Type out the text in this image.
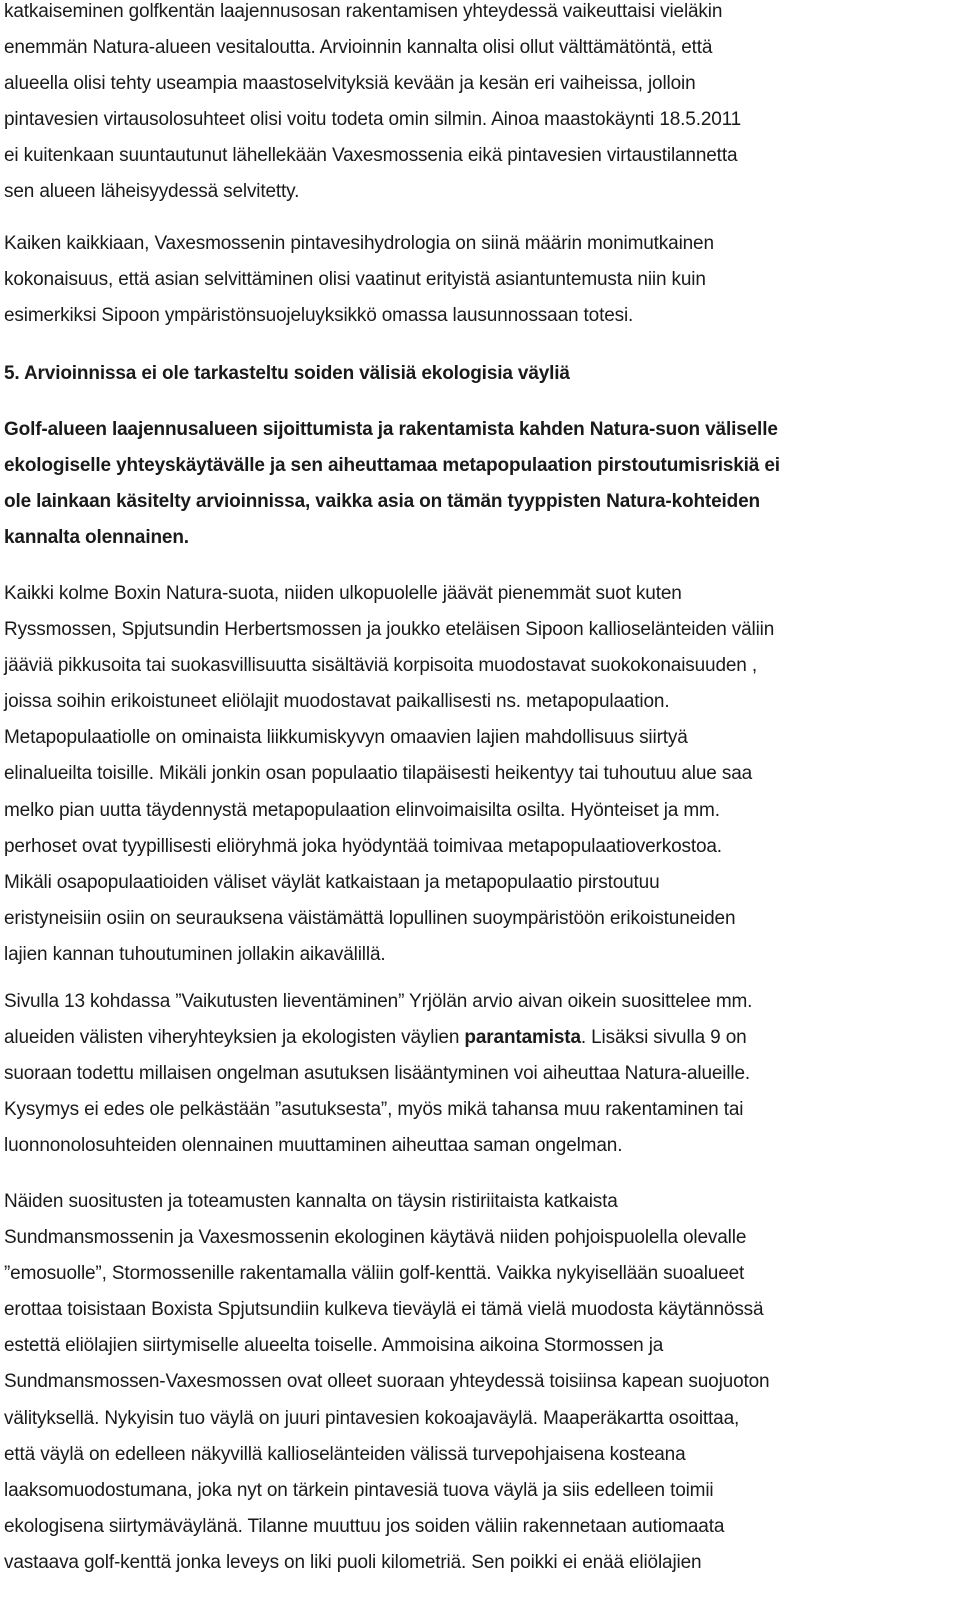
katkaiseminen golfkentän laajennusosan rakentamisen yhteydessä vaikeuttaisi vieläkin
enemmän Natura-alueen vesitaloutta. Arvioinnin kannalta olisi ollut välttämätöntä, että
alueella olisi tehty useampia maastoselvityksiä kevään ja kesän eri vaiheissa, jolloin
pintavesien virtausolosuhteet olisi voitu todeta omin silmin. Ainoa maastokäynti 18.5.2011
ei kuitenkaan suuntautunut lähellekään Vaxesmossenia eikä pintavesien virtaustilannetta
sen alueen läheisyydessä selvitetty.
Kaiken kaikkiaan, Vaxesmossenin pintavesihydrologia on siinä määrin monimutkainen
kokonaisuus, että asian selvittäminen olisi vaatinut erityistä asiantuntemusta niin kuin
esimerkiksi Sipoon ympäristönsuojeluyksikkö omassa lausunnossaan totesi.
5. Arvioinnissa ei ole tarkasteltu soiden välisiä ekologisia väyliä
Golf-alueen laajennusalueen sijoittumista ja rakentamista kahden Natura-suon väliselle
ekologiselle yhteyskäytävälle ja sen aiheuttamaa metapopulaation pirstoutumisriskiä ei
ole lainkaan käsitelty arvioinnissa, vaikka asia on tämän tyyppisten Natura-kohteiden
kannalta olennainen.
Kaikki kolme Boxin Natura-suota, niiden ulkopuolelle jäävät pienemmät suot kuten
Ryssmossen, Spjutsundin Herbertsmossen ja joukko eteläisen Sipoon kallioselänteiden väliin
jääviä pikkusoita tai suokasvillisuutta sisältäviä korpisoita muodostavat suokokonaisuuden ,
joissa soihin erikoistuneet eliölajit muodostavat paikallisesti ns. metapopulaation.
Metapopulaatiolle on ominaista liikkumiskyvyn omaavien lajien mahdollisuus siirtyä
elinalueilta toisille. Mikäli jonkin osan populaatio tilapäisesti heikentyy tai tuhoutuu alue saa
melko pian uutta täydennystä metapopulaation elinvoimaisilta osilta. Hyönteiset ja mm.
perhoset ovat tyypillisesti eliöryhmä joka hyödyntää toimivaa metapopulaatioverkostoa.
Mikäli osapopulaatioiden väliset väylät katkaistaan ja metapopulaatio pirstoutuu
eristyneisiin osiin on seurauksena väistämättä lopullinen suoympäristöön erikoistuneiden
lajien kannan tuhoutuminen jollakin aikavälillä.
Sivulla 13 kohdassa ”Vaikutusten lieventäminen” Yrjölän arvio aivan oikein suosittelee mm.
alueiden välisten viheryhteyksien ja ekologisten väylien parantamista. Lisäksi sivulla 9 on
suoraan todettu millaisen ongelman asutuksen lisääntyminen voi aiheuttaa Natura-alueille.
Kysymys ei edes ole pelkästään ”asutuksesta”, myös mikä tahansa muu rakentaminen tai
luonnonolosuhteiden olennainen muuttaminen aiheuttaa saman ongelman.
Näiden suositusten ja toteamusten kannalta on täysin ristiriitaista katkaista
Sundmansmossenin ja Vaxesmossenin ekologinen käytävä niiden pohjoispuolella olevalle
”emosuolle”, Stormossenille rakentamalla väliin golf-kenttä. Vaikka nykyisellään suoalueet
erottaa toisistaan Boxista Spjutsundiin kulkeva tieväylä ei tämä vielä muodosta käytännössä
estettä eliölajien siirtymiselle alueelta toiselle. Ammoisina aikoina Stormossen ja
Sundmansmossen-Vaxesmossen ovat olleet suoraan yhteydessä toisiinsa kapean suojuoton
välityksellä. Nykyisin tuo väylä on juuri pintavesien kokoajaväylä. Maaperäkartta osoittaa,
että väylä on edelleen näkyvillä kallioselänteiden välissä turvepohjaisena kosteana
laaksomuodostumana, joka nyt on tärkein pintavesiä tuova väylä ja siis edelleen toimii
ekologisena siirtymäväylänä. Tilanne muuttuu jos soiden väliin rakennetaan autiomaata
vastaava golf-kenttä jonka leveys on liki puoli kilometriä. Sen poikki ei enää eliölajien
